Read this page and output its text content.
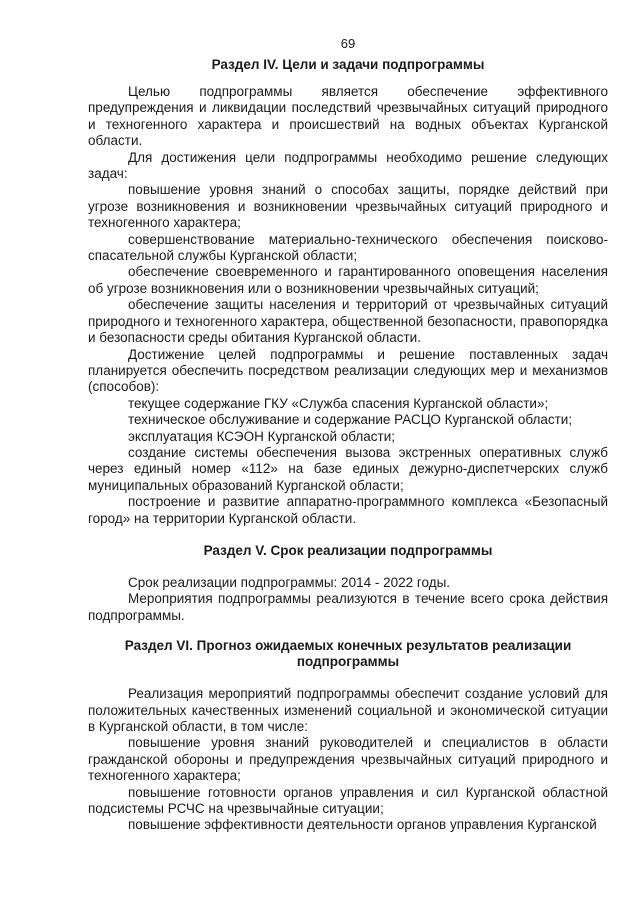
69
Раздел IV. Цели и задачи подпрограммы

Целью подпрограммы является обеспечение эффективного предупреждения и ликвидации последствий чрезвычайных ситуаций природного и техногенного характера и происшествий на водных объектах Курганской области.

Для достижения цели подпрограммы необходимо решение следующих задач:

повышение уровня знаний о способах защиты, порядке действий при угрозе возникновения и возникновении чрезвычайных ситуаций природного и техногенного характера;

совершенствование материально-технического обеспечения поисково-спасательной службы Курганской области;

обеспечение своевременного и гарантированного оповещения населения об угрозе возникновения или о возникновении чрезвычайных ситуаций;

обеспечение защиты населения и территорий от чрезвычайных ситуаций природного и техногенного характера, общественной безопасности, правопорядка и безопасности среды обитания Курганской области.

Достижение целей подпрограммы и решение поставленных задач планируется обеспечить посредством реализации следующих мер и механизмов (способов):

текущее содержание ГКУ «Служба спасения Курганской области»;

техническое обслуживание и содержание РАСЦО Курганской области;

эксплуатация КСЭОН Курганской области;

создание системы обеспечения вызова экстренных оперативных служб через единый номер «112» на базе единых дежурно-диспетчерских служб муниципальных образований Курганской области;

построение и развитие аппаратно-программного комплекса «Безопасный город» на территории Курганской области.

Раздел V. Срок реализации подпрограммы

Срок реализации подпрограммы: 2014 - 2022 годы.

Мероприятия подпрограммы реализуются в течение всего срока действия подпрограммы.

Раздел VI. Прогноз ожидаемых конечных результатов реализации
подпрограммы

Реализация мероприятий подпрограммы обеспечит создание условий для положительных качественных изменений социальной и экономической ситуации в Курганской области, в том числе:

повышение уровня знаний руководителей и специалистов в области гражданской обороны и предупреждения чрезвычайных ситуаций природного и техногенного характера;

повышение готовности органов управления и сил Курганской областной подсистемы РСЧС на чрезвычайные ситуации;

повышение эффективности деятельности органов управления Курганской
